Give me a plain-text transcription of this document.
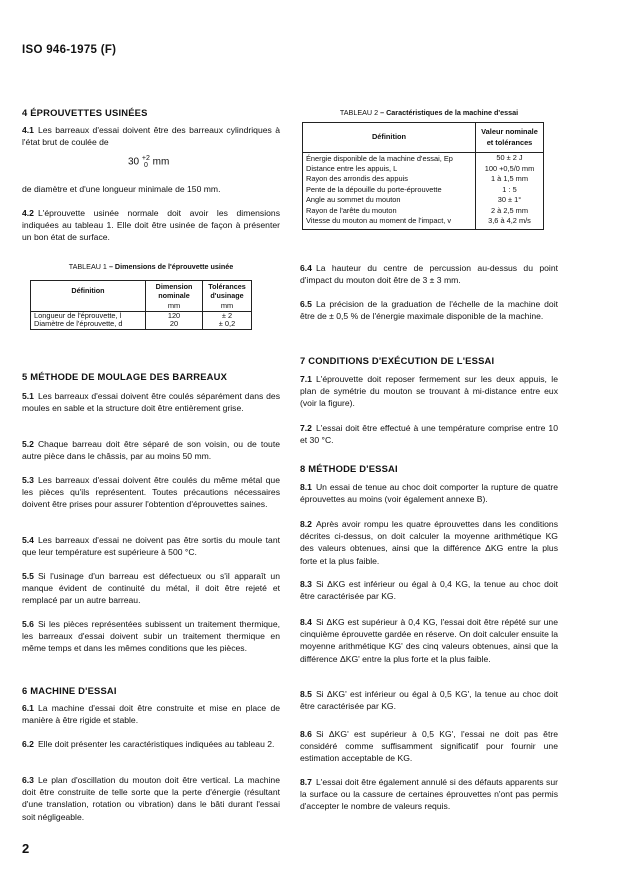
ISO 946-1975 (F)
4 ÉPROUVETTES USINÉES
4.1 Les barreaux d'essai doivent être des barreaux cylindriques à l'état brut de coulée de
30 +2
0 mm
de diamètre et d'une longueur minimale de 150 mm.
4.2 L'éprouvette usinée normale doit avoir les dimensions indiquées au tableau 1. Elle doit être usinée de façon à présenter un bon état de surface.
TABLEAU 1 – Dimensions de l'éprouvette usinée
Définition	Dimension nominale	Tolérances d'usinage
	mm	mm
Longueur de l'éprouvette, l	120	± 2
Diamètre de l'éprouvette, d	20	± 0,2
5 MÉTHODE DE MOULAGE DES BARREAUX
5.1 Les barreaux d'essai doivent être coulés séparément dans des moules en sable et la structure doit être entièrement grise.
5.2 Chaque barreau doit être séparé de son voisin, ou de toute autre pièce dans le châssis, par au moins 50 mm.
5.3 Les barreaux d'essai doivent être coulés du même métal que les pièces qu'ils représentent. Toutes précautions nécessaires doivent être prises pour assurer l'obtention d'éprouvettes saines.
5.4 Les barreaux d'essai ne doivent pas être sortis du moule tant que leur température est supérieure à 500 °C.
5.5 Si l'usinage d'un barreau est défectueux ou s'il apparaît un manque évident de continuité du métal, il doit être rejeté et remplacé par un autre barreau.
5.6 Si les pièces représentées subissent un traitement thermique, les barreaux d'essai doivent subir un traitement thermique en même temps et dans les mêmes conditions que les pièces.
6 MACHINE D'ESSAI
6.1 La machine d'essai doit être construite et mise en place de manière à être rigide et stable.
6.2 Elle doit présenter les caractéristiques indiquées au tableau 2.
6.3 Le plan d'oscillation du mouton doit être vertical. La machine doit être construite de telle sorte que la perte d'énergie (résultant d'une translation, rotation ou vibration) dans le bâti durant l'essai soit négligeable.
2
TABLEAU 2 – Caractéristiques de la machine d'essai
Définition	Valeur nominale et tolérances
Énergie disponible de la machine d'essai, Ep	50 ± 2 J
Distance entre les appuis, L	100 +0,5/0 mm
Rayon des arrondis des appuis	1 à 1,5 mm
Pente de la dépouille du porte-éprouvette	1 : 5
Angle au sommet du mouton	30 ± 1°
Rayon de l'arête du mouton	2 à 2,5 mm
Vitesse du mouton au moment de l'impact, v	3,6 à 4,2 m/s
6.4 La hauteur du centre de percussion au-dessus du point d'impact du mouton doit être de 3 ± 3 mm.
6.5 La précision de la graduation de l'échelle de la machine doit être de ± 0,5 % de l'énergie maximale disponible de la machine.
7 CONDITIONS D'EXÉCUTION DE L'ESSAI
7.1 L'éprouvette doit reposer fermement sur les deux appuis, le plan de symétrie du mouton se trouvant à mi-distance entre eux (voir la figure).
7.2 L'essai doit être effectué à une température comprise entre 10 et 30 °C.
8 MÉTHODE D'ESSAI
8.1 Un essai de tenue au choc doit comporter la rupture de quatre éprouvettes au moins (voir également annexe B).
8.2 Après avoir rompu les quatre éprouvettes dans les conditions décrites ci-dessus, on doit calculer la moyenne arithmétique KG des valeurs obtenues, ainsi que la différence ΔKG entre la plus forte et la plus faible.
8.3 Si ΔKG est inférieur ou égal à 0,4 KG, la tenue au choc doit être caractérisée par KG.
8.4 Si ΔKG est supérieur à 0,4 KG, l'essai doit être répété sur une cinquième éprouvette gardée en réserve. On doit calculer ensuite la moyenne arithmétique KG' des cinq valeurs obtenues, ainsi que la différence ΔKG' entre la plus forte et la plus faible.
8.5 Si ΔKG' est inférieur ou égal à 0,5 KG', la tenue au choc doit être caractérisée par KG.
8.6 Si ΔKG' est supérieur à 0,5 KG', l'essai ne doit pas être considéré comme suffisamment significatif pour fournir une estimation acceptable de KG.
8.7 L'essai doit être également annulé si des défauts apparents sur la surface ou la cassure de certaines éprouvettes n'ont pas permis d'accepter le nombre de valeurs requis.
